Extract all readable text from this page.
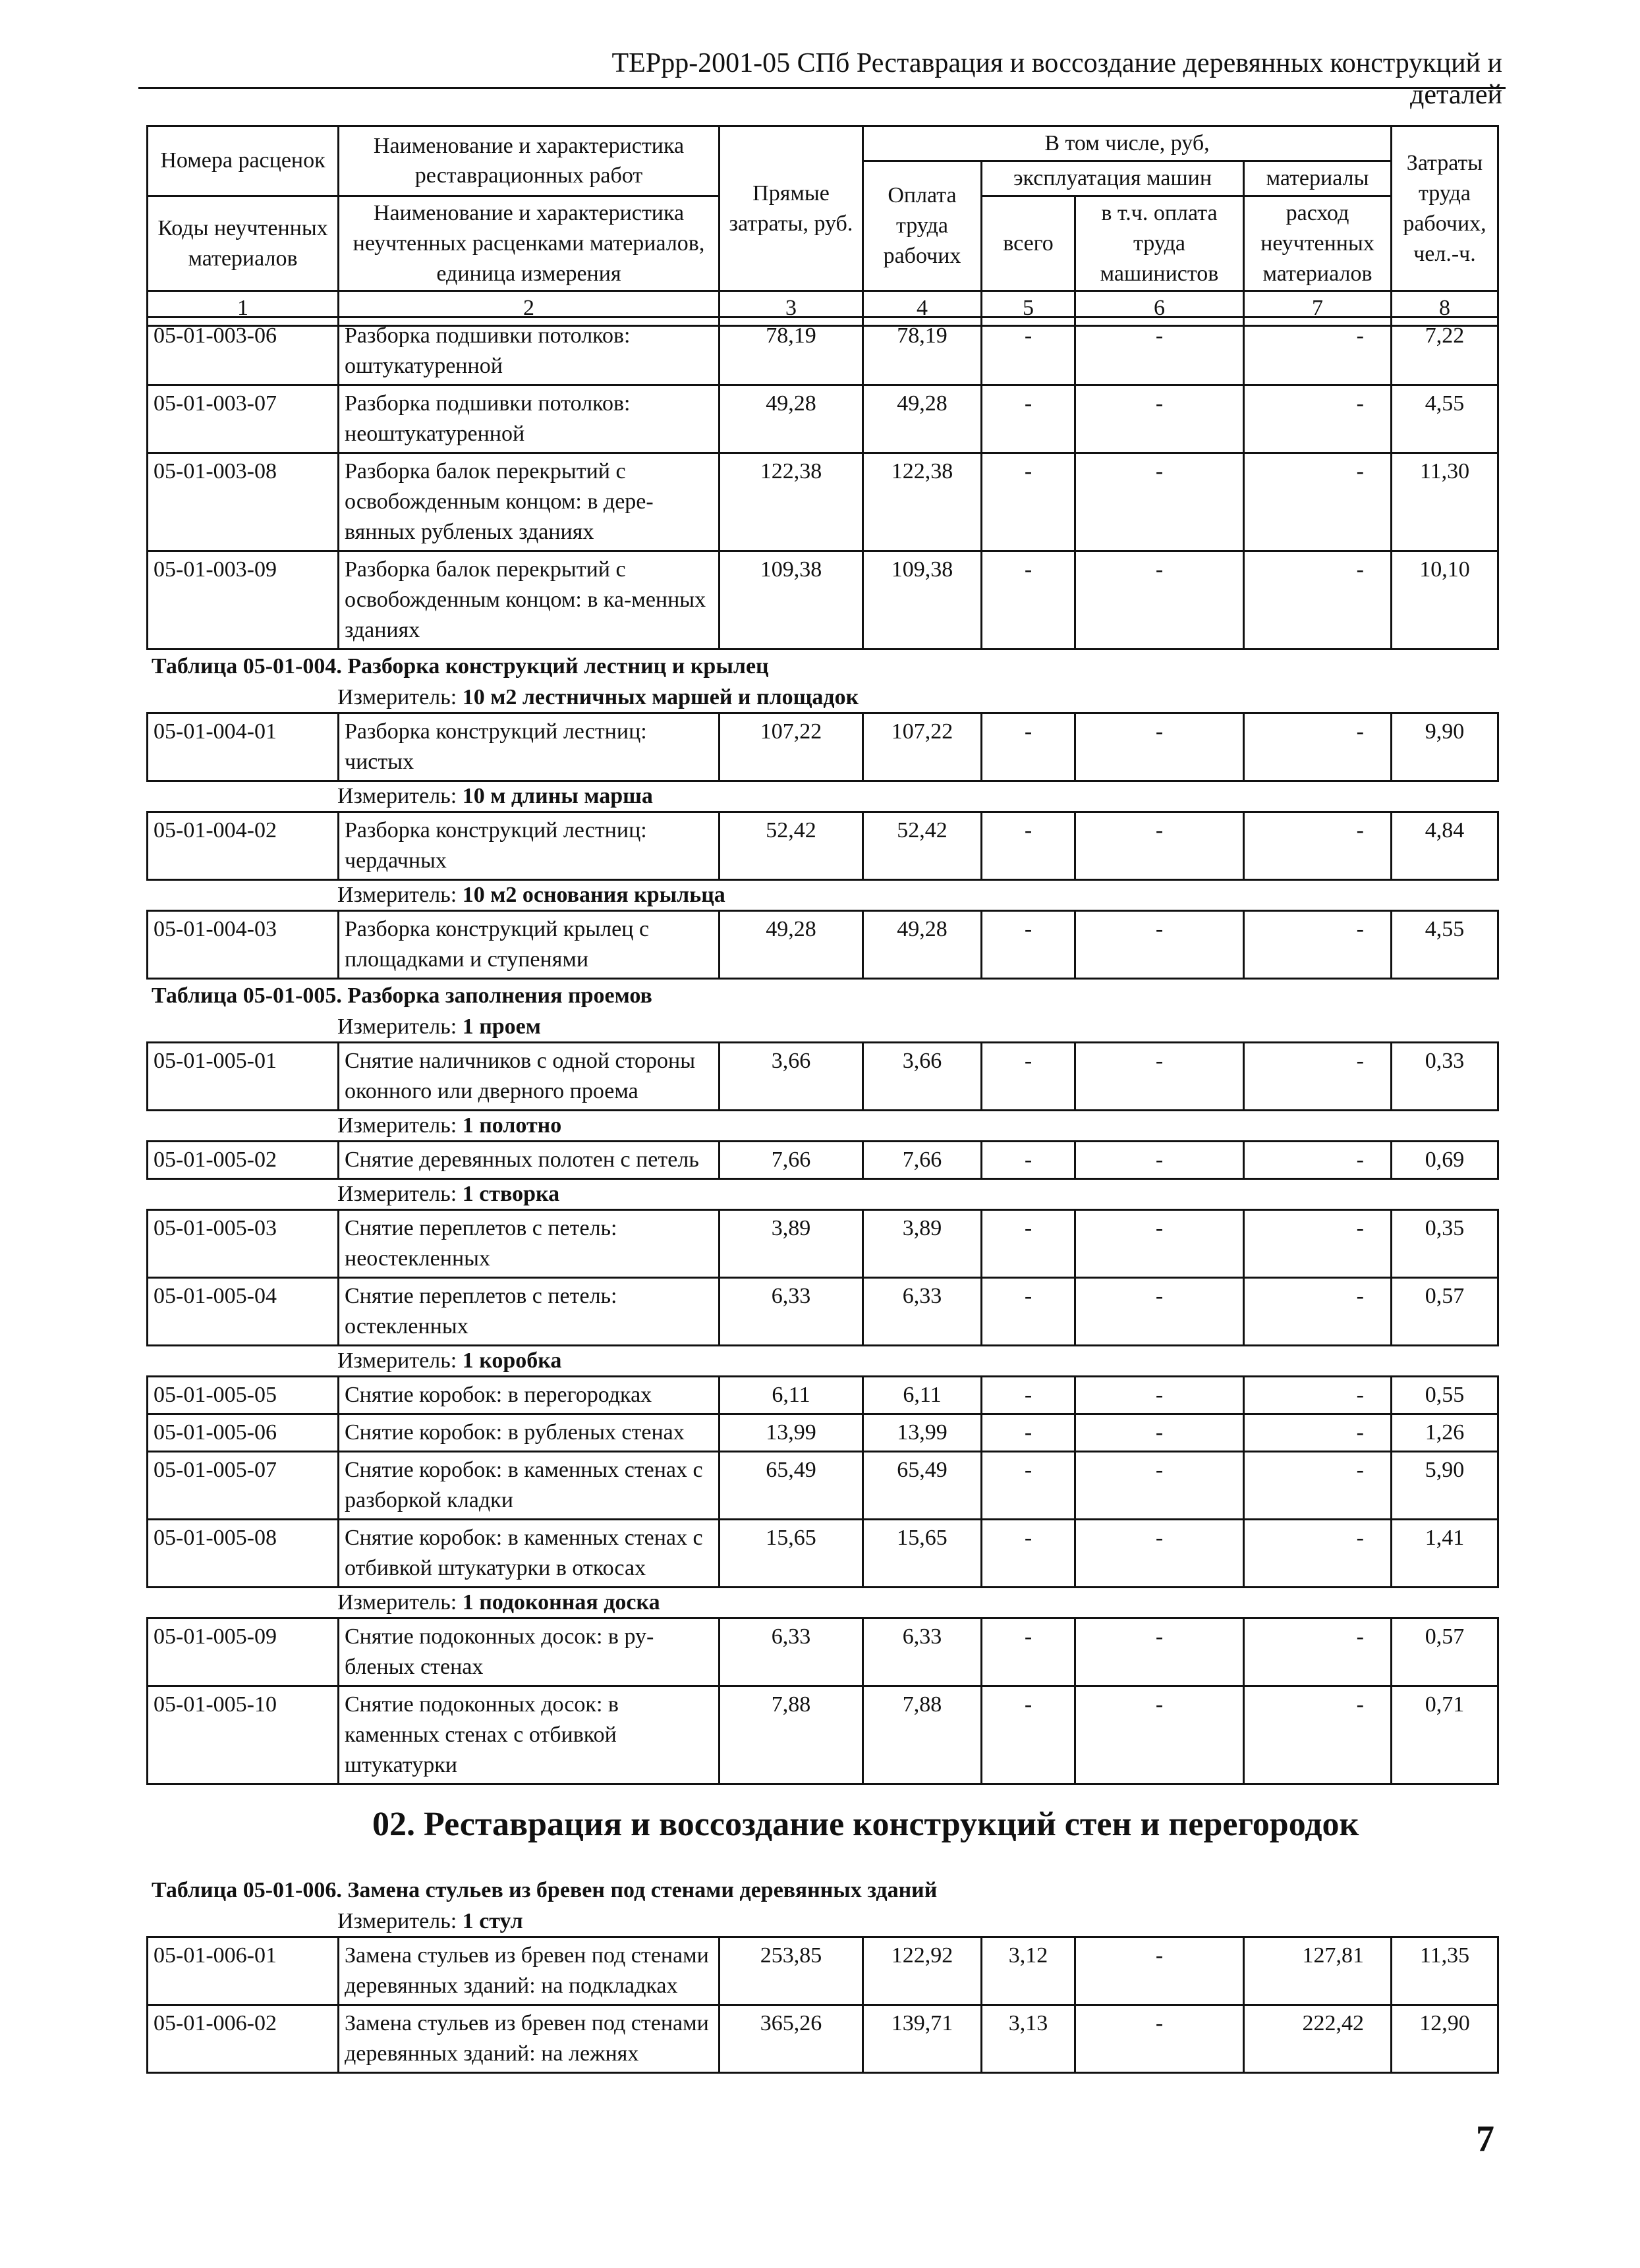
ТЕРрр-2001-05 СПб Реставрация и воссоздание деревянных конструкций и деталей
Номера расценок	Наименование и характеристика реставрационных работ	Прямые затраты, руб.	В том числе, руб,				Затраты труда рабочих, чел.-ч.
			Оплата труда рабочих	эксплуатация машин		материалы	
Коды неучтенных материалов	Наименование и характеристика неучтенных расценками материалов, единица измерения			всего	в т.ч. оплата труда машинистов	расход неучтенных материалов	

1	2	3	4	5	6	7	8
05-01-003-06	Разборка подшивки потолков: оштукатуренной	78,19	78,19	-	-	-	7,22
05-01-003-07	Разборка подшивки потолков: неоштукатуренной	49,28	49,28	-	-	-	4,55
05-01-003-08	Разборка балок перекрытий с освобожденным концом: в дере-вянных рубленых зданиях	122,38	122,38	-	-	-	11,30
05-01-003-09	Разборка балок перекрытий с освобожденным концом: в ка-менных зданиях	109,38	109,38	-	-	-	10,10
Таблица 05-01-004. Разборка конструкций лестниц и крылец
Измеритель: 10 м2 лестничных маршей и площадок
05-01-004-01	Разборка конструкций лестниц: чистых	107,22	107,22	-	-	-	9,90
Измеритель: 10 м длины марша
05-01-004-02	Разборка конструкций лестниц: чердачных	52,42	52,42	-	-	-	4,84
Измеритель: 10 м2 основания крыльца
05-01-004-03	Разборка конструкций крылец с площадками и ступенями	49,28	49,28	-	-	-	4,55
Таблица 05-01-005. Разборка заполнения проемов
Измеритель: 1 проем
05-01-005-01	Снятие наличников с одной стороны оконного или дверного проема	3,66	3,66	-	-	-	0,33
Измеритель: 1 полотно
05-01-005-02	Снятие деревянных полотен с петель	7,66	7,66	-	-	-	0,69
Измеритель: 1 створка
05-01-005-03	Снятие переплетов с петель: неостекленных	3,89	3,89	-	-	-	0,35
05-01-005-04	Снятие переплетов с петель: остекленных	6,33	6,33	-	-	-	0,57
Измеритель: 1 коробка
05-01-005-05	Снятие коробок: в перегородках	6,11	6,11	-	-	-	0,55
05-01-005-06	Снятие коробок: в рубленых стенах	13,99	13,99	-	-	-	1,26
05-01-005-07	Снятие коробок: в каменных стенах с разборкой кладки	65,49	65,49	-	-	-	5,90
05-01-005-08	Снятие коробок: в каменных стенах с отбивкой штукатурки в откосах	15,65	15,65	-	-	-	1,41
Измеритель: 1 подоконная доска
05-01-005-09	Снятие подоконных досок: в ру-бленых стенах	6,33	6,33	-	-	-	0,57
05-01-005-10	Снятие подоконных досок: в каменных стенах с отбивкой штукатурки	7,88	7,88	-	-	-	0,71
02. Реставрация и воссоздание конструкций стен и перегородок
Таблица 05-01-006. Замена стульев из бревен под стенами деревянных зданий
Измеритель: 1 стул
05-01-006-01	Замена стульев из бревен под стенами деревянных зданий: на подкладках	253,85	122,92	3,12	-	127,81	11,35
05-01-006-02	Замена стульев из бревен под стенами деревянных зданий: на лежнях	365,26	139,71	3,13	-	222,42	12,90
7
